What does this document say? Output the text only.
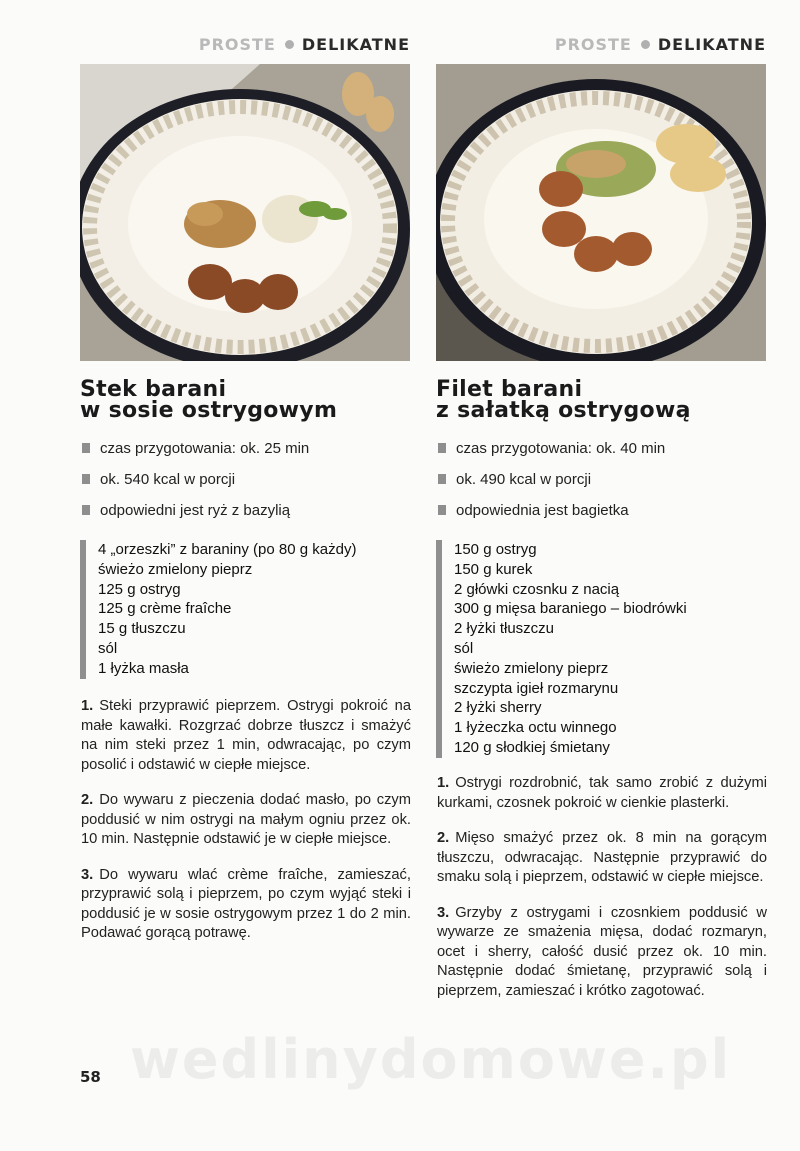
PROSTE DELIKATNE
Stek barani
w sosie ostrygowym
czas przygotowania: ok. 25 min
ok. 540 kcal w porcji
odpowiedni jest ryż z bazylią
4 „orzeszki” z baraniny (po 80 g każdy)
świeżo zmielony pieprz
125 g ostryg
125 g crème fraîche
15 g tłuszczu
sól
1 łyżka masła

1. Steki przyprawić pieprzem. Ostrygi pokroić na małe kawałki. Rozgrzać dobrze tłuszcz i smażyć na nim steki przez 1 min, odwracając, po czym posolić i odstawić w ciepłe miejsce.

2. Do wywaru z pieczenia dodać masło, po czym poddusić w nim ostrygi na małym ogniu przez ok. 10 min. Następnie odstawić je w ciepłe miejsce.

3. Do wywaru wlać crème fraîche, zamieszać, przyprawić solą i pieprzem, po czym wyjąć steki i poddusić je w sosie ostrygowym przez 1 do 2 min. Podawać gorącą potrawę.

PROSTE DELIKATNE
Filet barani
z sałatką ostrygową
czas przygotowania: ok. 40 min
ok. 490 kcal w porcji
odpowiednia jest bagietka
150 g ostryg
150 g kurek
2 główki czosnku z nacią
300 g mięsa baraniego – biodrówki
2 łyżki tłuszczu
sól
świeżo zmielony pieprz
szczypta igieł rozmarynu
2 łyżki sherry
1 łyżeczka octu winnego
120 g słodkiej śmietany

1. Ostrygi rozdrobnić, tak samo zrobić z dużymi kurkami, czosnek pokroić w cienkie plasterki.

2. Mięso smażyć przez ok. 8 min na gorącym tłuszczu, odwracając. Następnie przyprawić do smaku solą i pieprzem, odstawić w ciepłe miejsce.

3. Grzyby z ostrygami i czosnkiem poddusić w wywarze ze smażenia mięsa, dodać rozmaryn, ocet i sherry, całość dusić przez ok. 10 min. Następnie dodać śmietanę, przyprawić solą i pieprzem, zamieszać i krótko zagotować.

wedlinydomowe.pl
58
